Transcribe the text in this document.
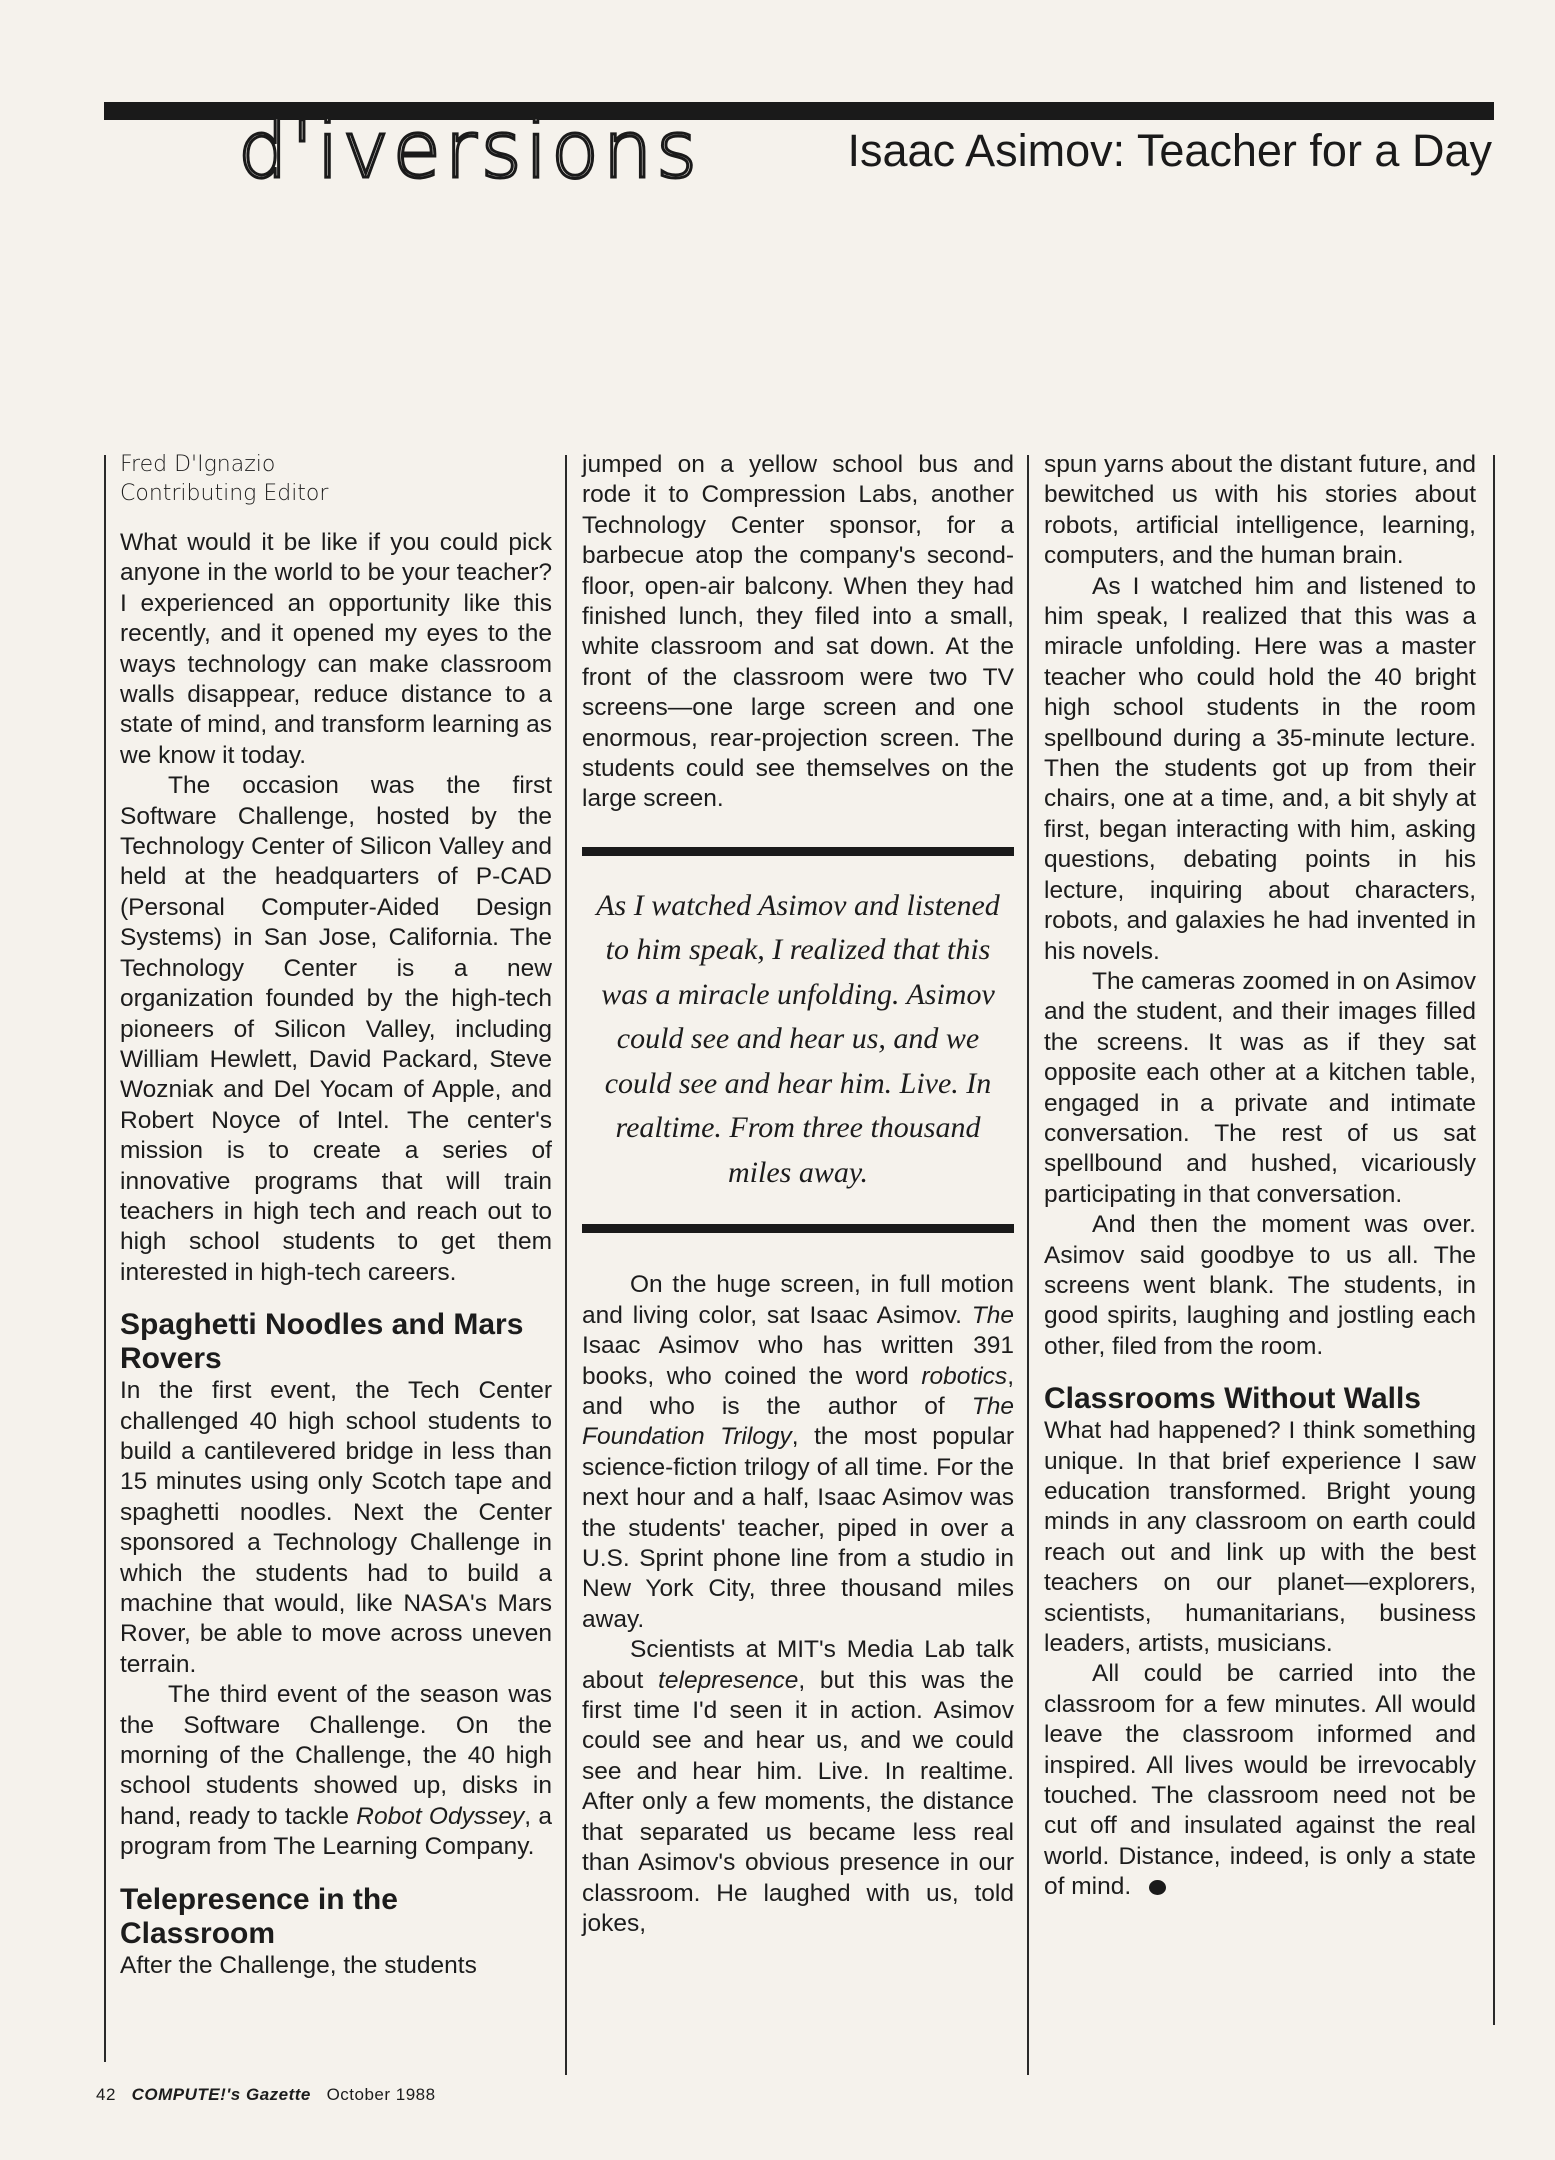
d'iversions	Isaac Asimov: Teacher for a Day
Fred D'Ignazio
Contributing Editor

What would it be like if you could pick anyone in the world to be your teacher? I experienced an opportunity like this recently, and it opened my eyes to the ways technology can make classroom walls disappear, reduce distance to a state of mind, and transform learning as we know it today.

The occasion was the first Software Challenge, hosted by the Technology Center of Silicon Valley and held at the headquarters of P-CAD (Personal Computer-Aided Design Systems) in San Jose, California. The Technology Center is a new organization founded by the high-tech pioneers of Silicon Valley, including William Hewlett, David Packard, Steve Wozniak and Del Yocam of Apple, and Robert Noyce of Intel. The center's mission is to create a series of innovative programs that will train teachers in high tech and reach out to high school students to get them interested in high-tech careers.

Spaghetti Noodles and Mars Rovers

In the first event, the Tech Center challenged 40 high school students to build a cantilevered bridge in less than 15 minutes using only Scotch tape and spaghetti noodles. Next the Center sponsored a Technology Challenge in which the students had to build a machine that would, like NASA's Mars Rover, be able to move across uneven terrain.

The third event of the season was the Software Challenge. On the morning of the Challenge, the 40 high school students showed up, disks in hand, ready to tackle Robot Odyssey, a program from The Learning Company.

Telepresence in the Classroom

After the Challenge, the students

jumped on a yellow school bus and rode it to Compression Labs, another Technology Center sponsor, for a barbecue atop the company's second-floor, open-air balcony. When they had finished lunch, they filed into a small, white classroom and sat down. At the front of the classroom were two TV screens—one large screen and one enormous, rear-projection screen. The students could see themselves on the large screen.

As I watched Asimov and listened to him speak, I realized that this was a miracle unfolding. Asimov could see and hear us, and we could see and hear him. Live. In realtime. From three thousand miles away.

On the huge screen, in full motion and living color, sat Isaac Asimov. The Isaac Asimov who has written 391 books, who coined the word robotics, and who is the author of The Foundation Trilogy, the most popular science-fiction trilogy of all time. For the next hour and a half, Isaac Asimov was the students' teacher, piped in over a U.S. Sprint phone line from a studio in New York City, three thousand miles away.

Scientists at MIT's Media Lab talk about telepresence, but this was the first time I'd seen it in action. Asimov could see and hear us, and we could see and hear him. Live. In realtime. After only a few moments, the distance that separated us became less real than Asimov's obvious presence in our classroom. He laughed with us, told jokes,

spun yarns about the distant future, and bewitched us with his stories about robots, artificial intelligence, learning, computers, and the human brain.

As I watched him and listened to him speak, I realized that this was a miracle unfolding. Here was a master teacher who could hold the 40 bright high school students in the room spellbound during a 35-minute lecture. Then the students got up from their chairs, one at a time, and, a bit shyly at first, began interacting with him, asking questions, debating points in his lecture, inquiring about characters, robots, and galaxies he had invented in his novels.

The cameras zoomed in on Asimov and the student, and their images filled the screens. It was as if they sat opposite each other at a kitchen table, engaged in a private and intimate conversation. The rest of us sat spellbound and hushed, vicariously participating in that conversation.

And then the moment was over. Asimov said goodbye to us all. The screens went blank. The students, in good spirits, laughing and jostling each other, filed from the room.

Classrooms Without Walls

What had happened? I think something unique. In that brief experience I saw education transformed. Bright young minds in any classroom on earth could reach out and link up with the best teachers on our planet—explorers, scientists, humanitarians, business leaders, artists, musicians.

All could be carried into the classroom for a few minutes. All would leave the classroom informed and inspired. All lives would be irrevocably touched. The classroom need not be cut off and insulated against the real world. Distance, indeed, is only a state of mind.

42 COMPUTE!'s Gazette October 1988
